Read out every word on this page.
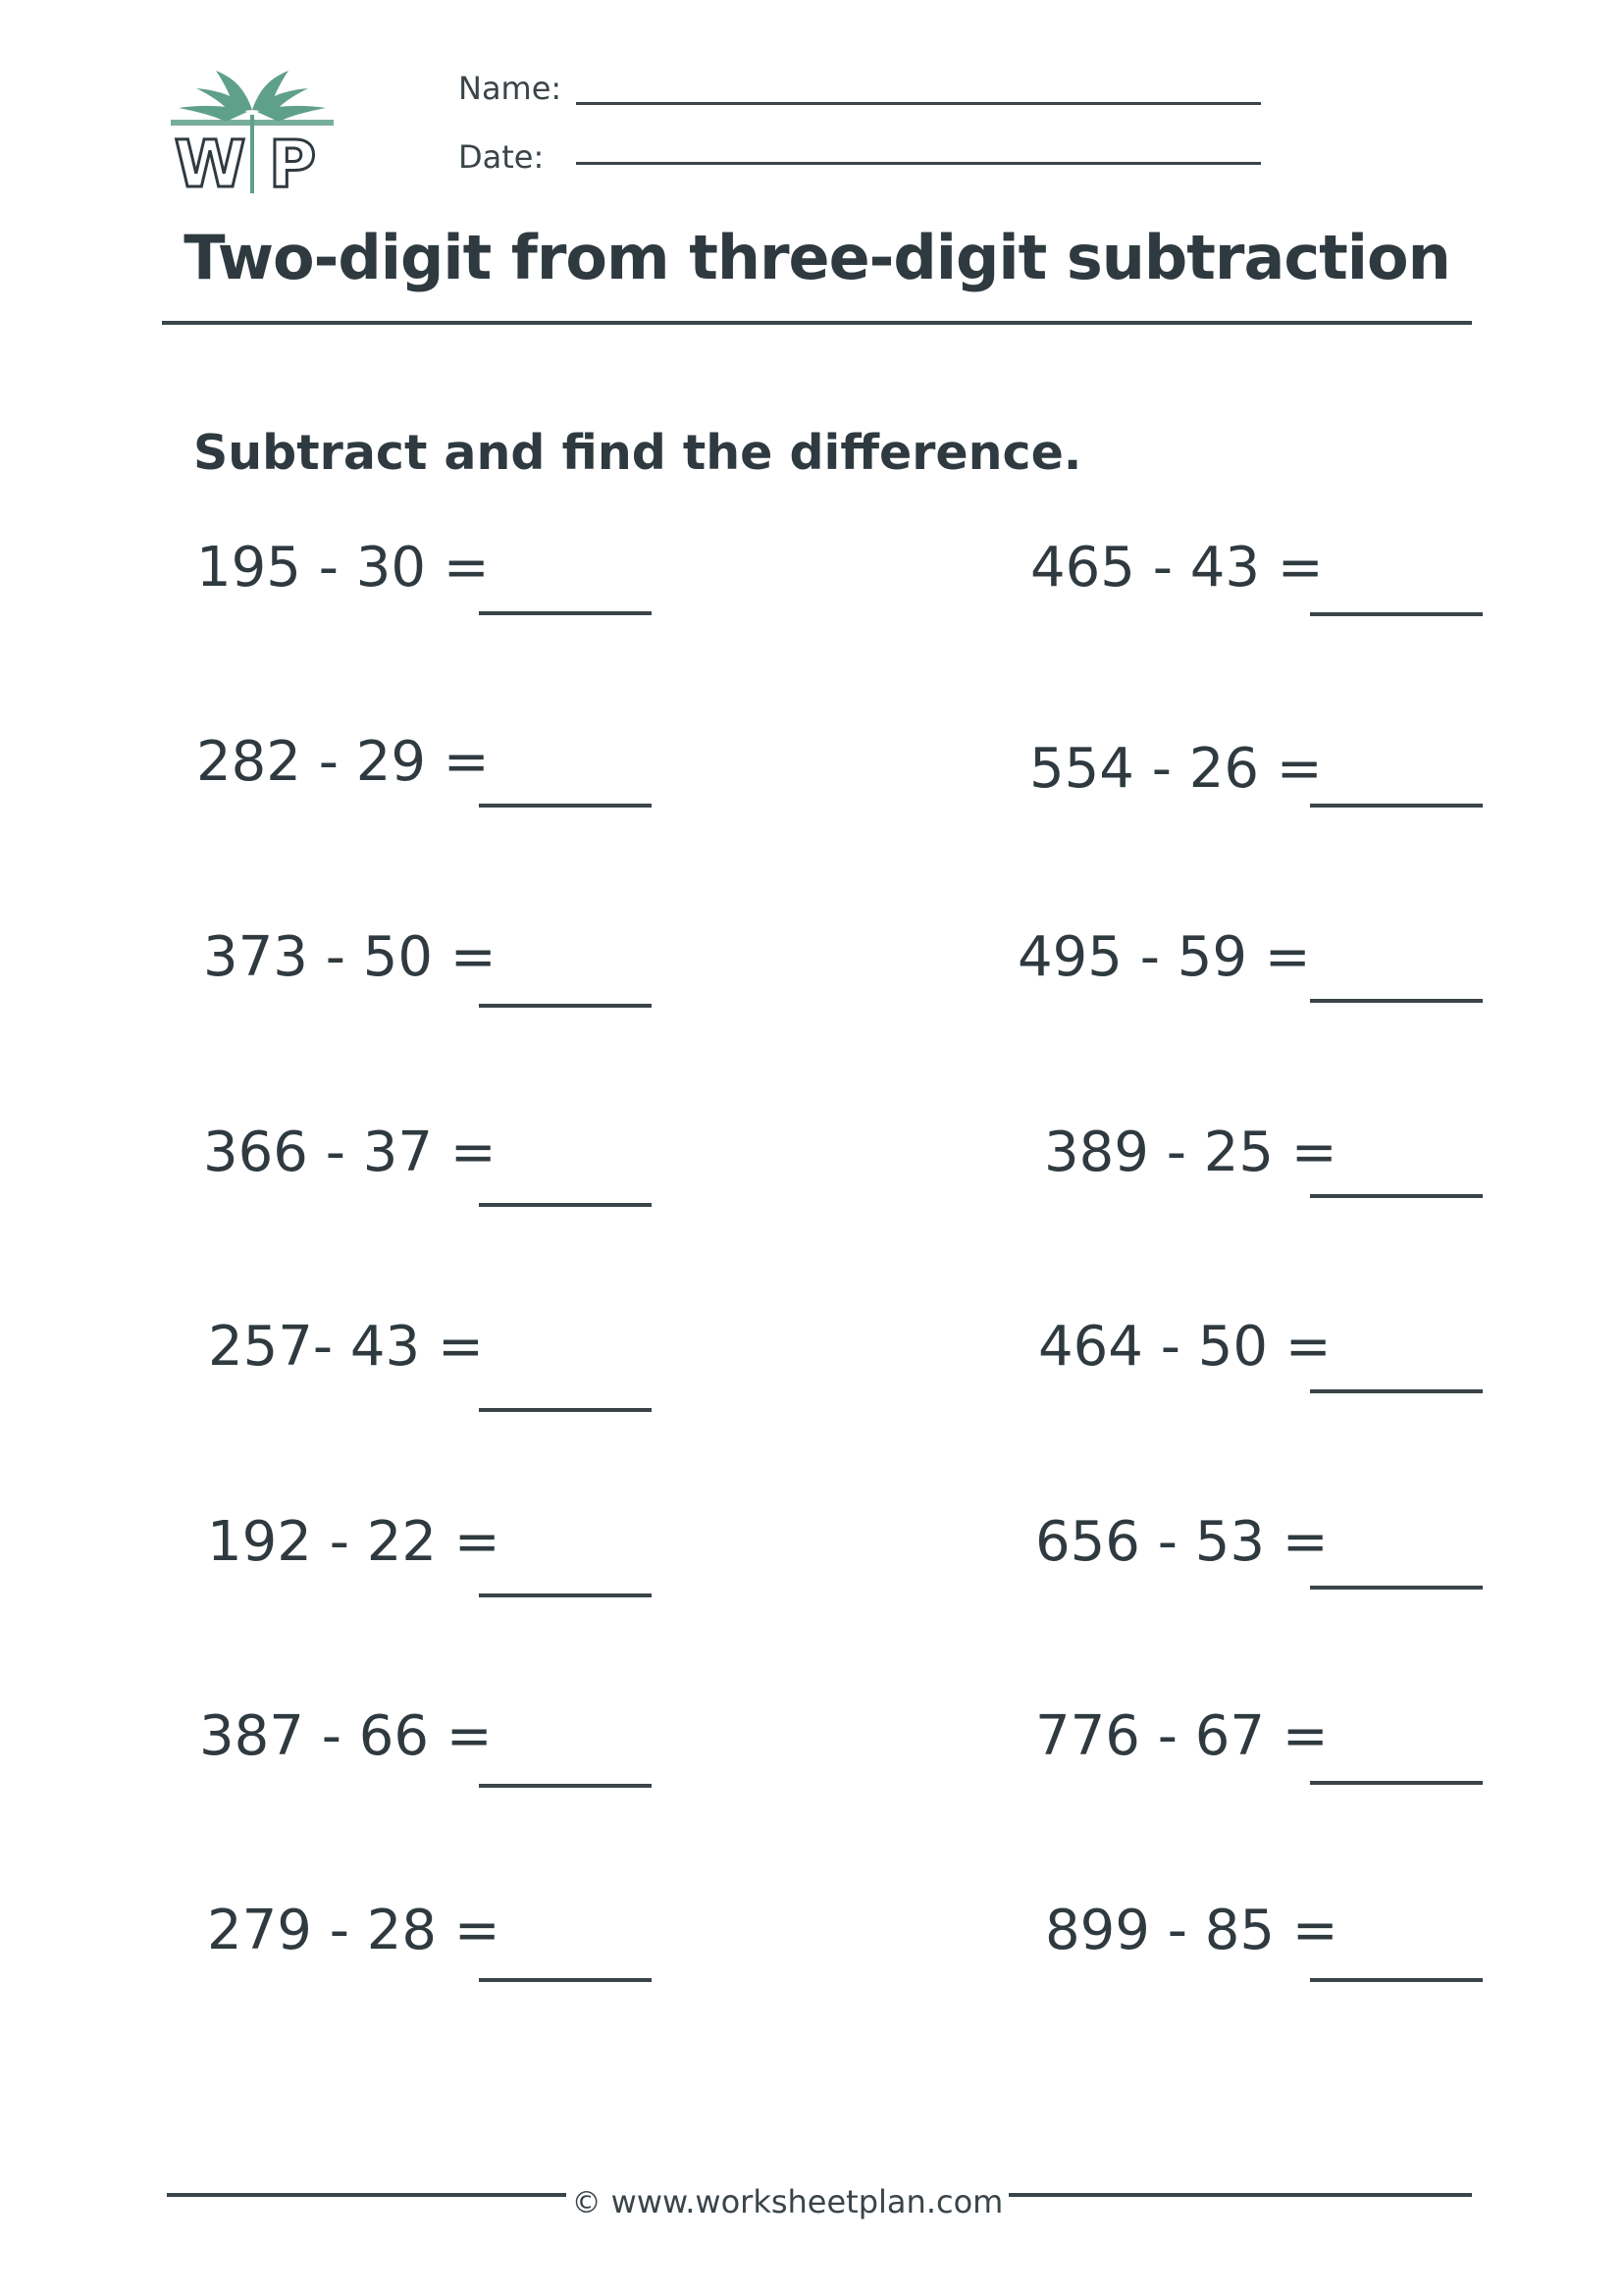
W P
Name:
Date:
Two-digit from three-digit subtraction
Subtract and find the difference.
195 - 30 =
282 - 29 =
373 - 50 =
366 - 37 =
257- 43 =
192 - 22 =
387 - 66 =
279 - 28 =
465 - 43 =
554 - 26 =
495 - 59 =
389 - 25 =
464 - 50 =
656 - 53 =
776 - 67 =
899 - 85 =
© www.worksheetplan.com
